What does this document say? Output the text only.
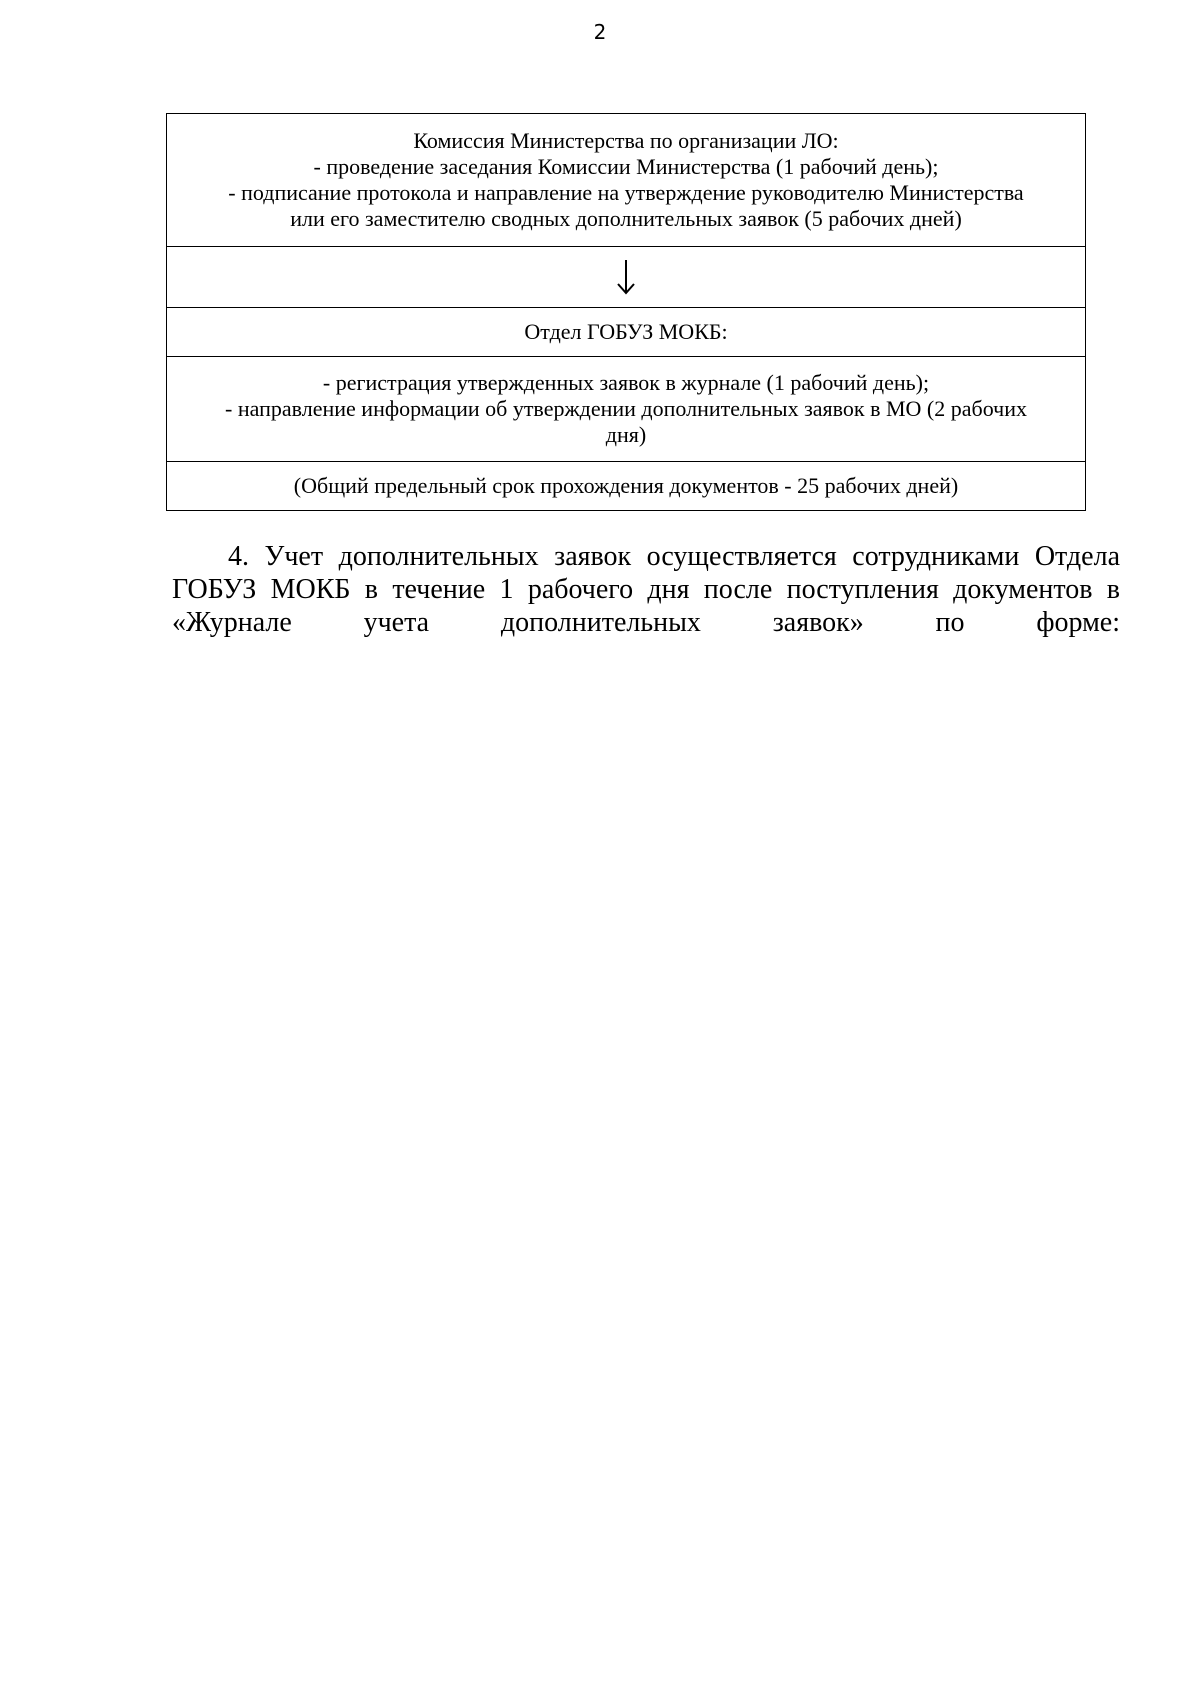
2
Комиссия Министерства по организации ЛО:
- проведение заседания Комиссии Министерства (1 рабочий день);
- подписание протокола и направление на утверждение руководителю Министерства
или его заместителю сводных дополнительных заявок (5 рабочих дней)

Отдел ГОБУЗ МОКБ:

- регистрация утвержденных заявок в журнале (1 рабочий день);
- направление информации об утверждении дополнительных заявок в МО (2 рабочих
дня)

(Общий предельный срок прохождения документов - 25 рабочих дней)

4. Учет дополнительных заявок осуществляется сотрудниками Отдела ГОБУЗ МОКБ в течение 1 рабочего дня после поступления документов в «Журнале учета дополнительных заявок» по форме:
